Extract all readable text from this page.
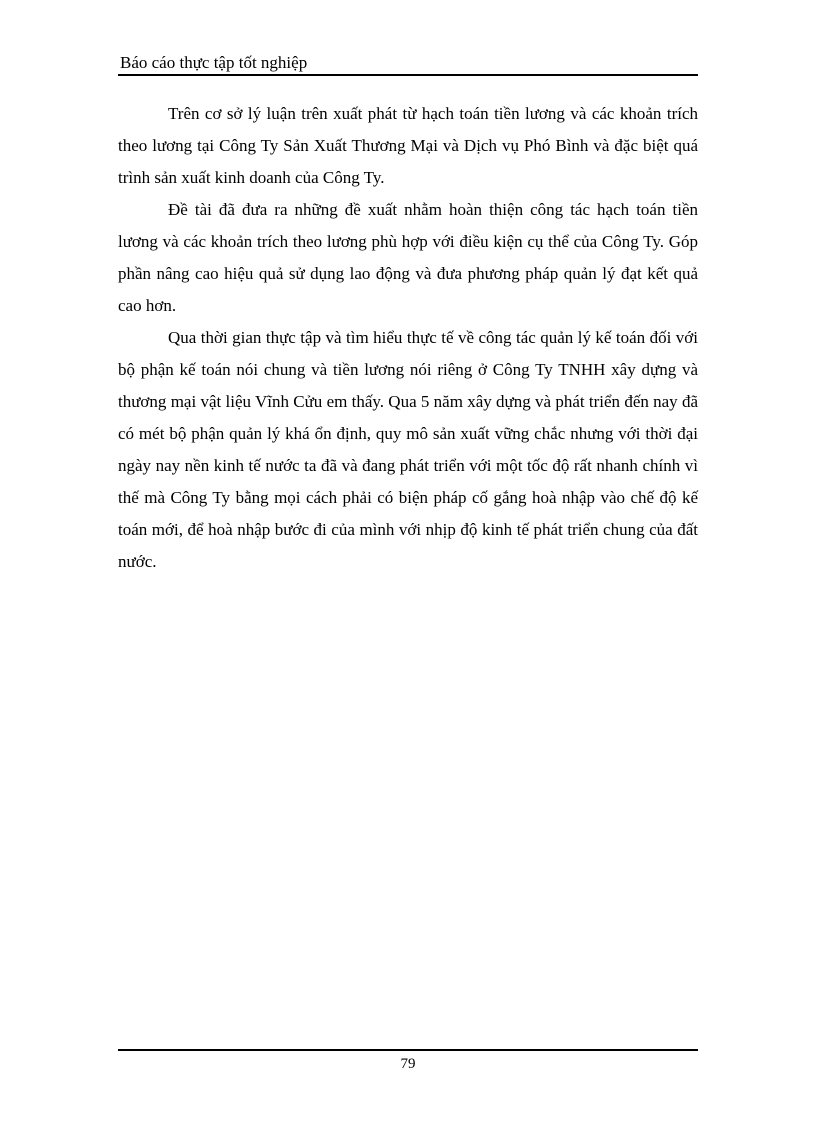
Báo cáo thực tập tốt nghiệp

Trên cơ sở lý luận trên xuất phát từ hạch toán tiền lương và các khoản trích theo lương tại Công Ty Sản Xuất Thương Mại và Dịch vụ Phó Bình và đặc biệt quá trình sản xuất kinh doanh của Công Ty.

Đề tài đã đưa ra những đề xuất nhằm hoàn thiện công tác hạch toán tiền lương và các khoản trích theo lương phù hợp với điều kiện cụ thể của Công Ty. Góp phần nâng cao hiệu quả sử dụng lao động và đưa phương pháp quản lý đạt kết quả cao hơn.

Qua thời gian thực tập và tìm hiểu thực tế về công tác quản lý kế toán đối với bộ phận kế toán nói chung và tiền lương nói riêng ở Công Ty TNHH xây dựng và thương mại vật liệu Vĩnh Cửu em thấy. Qua 5 năm xây dựng và phát triển đến nay đã có mét bộ phận quản lý khá ổn định, quy mô sản xuất vững chắc nhưng với thời đại ngày nay nền kinh tế nước ta đã và đang phát triển với một tốc độ rất nhanh chính vì thế mà Công Ty bằng mọi cách phải có biện pháp cố gắng hoà nhập vào chế độ kế toán mới, để hoà nhập bước đi của mình với nhịp độ kinh tế phát triển chung của đất nước.

79
